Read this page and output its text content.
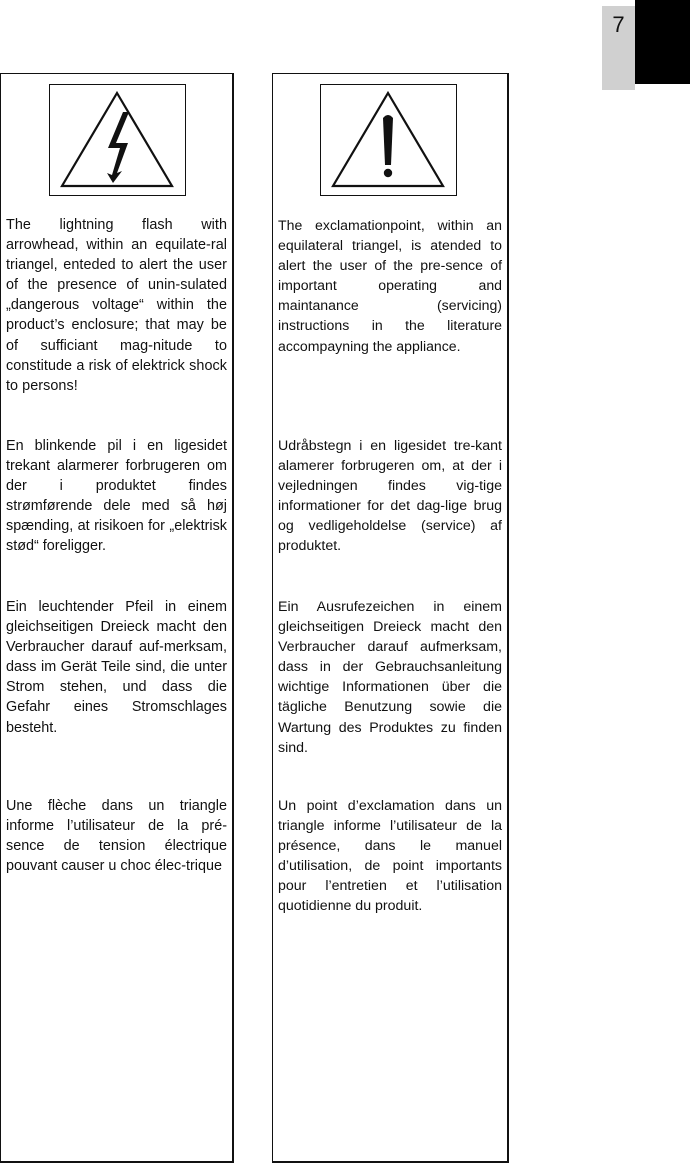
7
The lightning flash with arrowhead, within an equilate-ral triangel, enteded to alert the user of the presence of unin-sulated „dangerous voltage“ within the product’s enclosure; that may be of sufficiant mag-nitude to constitude a risk of elektrick shock to persons!
En blinkende pil i en ligesidet trekant alarmerer forbrugeren om der i produktet findes strømførende dele med så høj spænding, at risikoen for „elektrisk stød“ foreligger.
Ein leuchtender Pfeil in einem gleichseitigen Dreieck macht den Verbraucher darauf auf-merksam, dass im Gerät Teile sind, die unter Strom stehen, und dass die Gefahr eines Stromschlages besteht.
Une flèche dans un triangle informe l’utilisateur de la pré-sence de tension électrique pouvant causer u choc élec-trique
The exclamationpoint, within an equilateral triangel, is atended to alert the user of the pre-sence of important operating and maintanance (servicing) instructions in the literature accompayning the appliance.
Udråbstegn i en ligesidet tre-kant alamerer forbrugeren om, at der i vejledningen findes vig-tige informationer for det dag-lige brug og vedligeholdelse (service) af produktet.
Ein Ausrufezeichen in einem gleichseitigen Dreieck macht den Verbraucher darauf aufmerksam, dass in der Gebrauchsanleitung wichtige Informationen über die tägliche Benutzung sowie die Wartung des Produktes zu finden sind.
Un point d’exclamation dans un triangle informe l’utilisateur de la présence, dans le manuel d’utilisation, de point importants pour l’entretien et l’utilisation quotidienne du produit.
